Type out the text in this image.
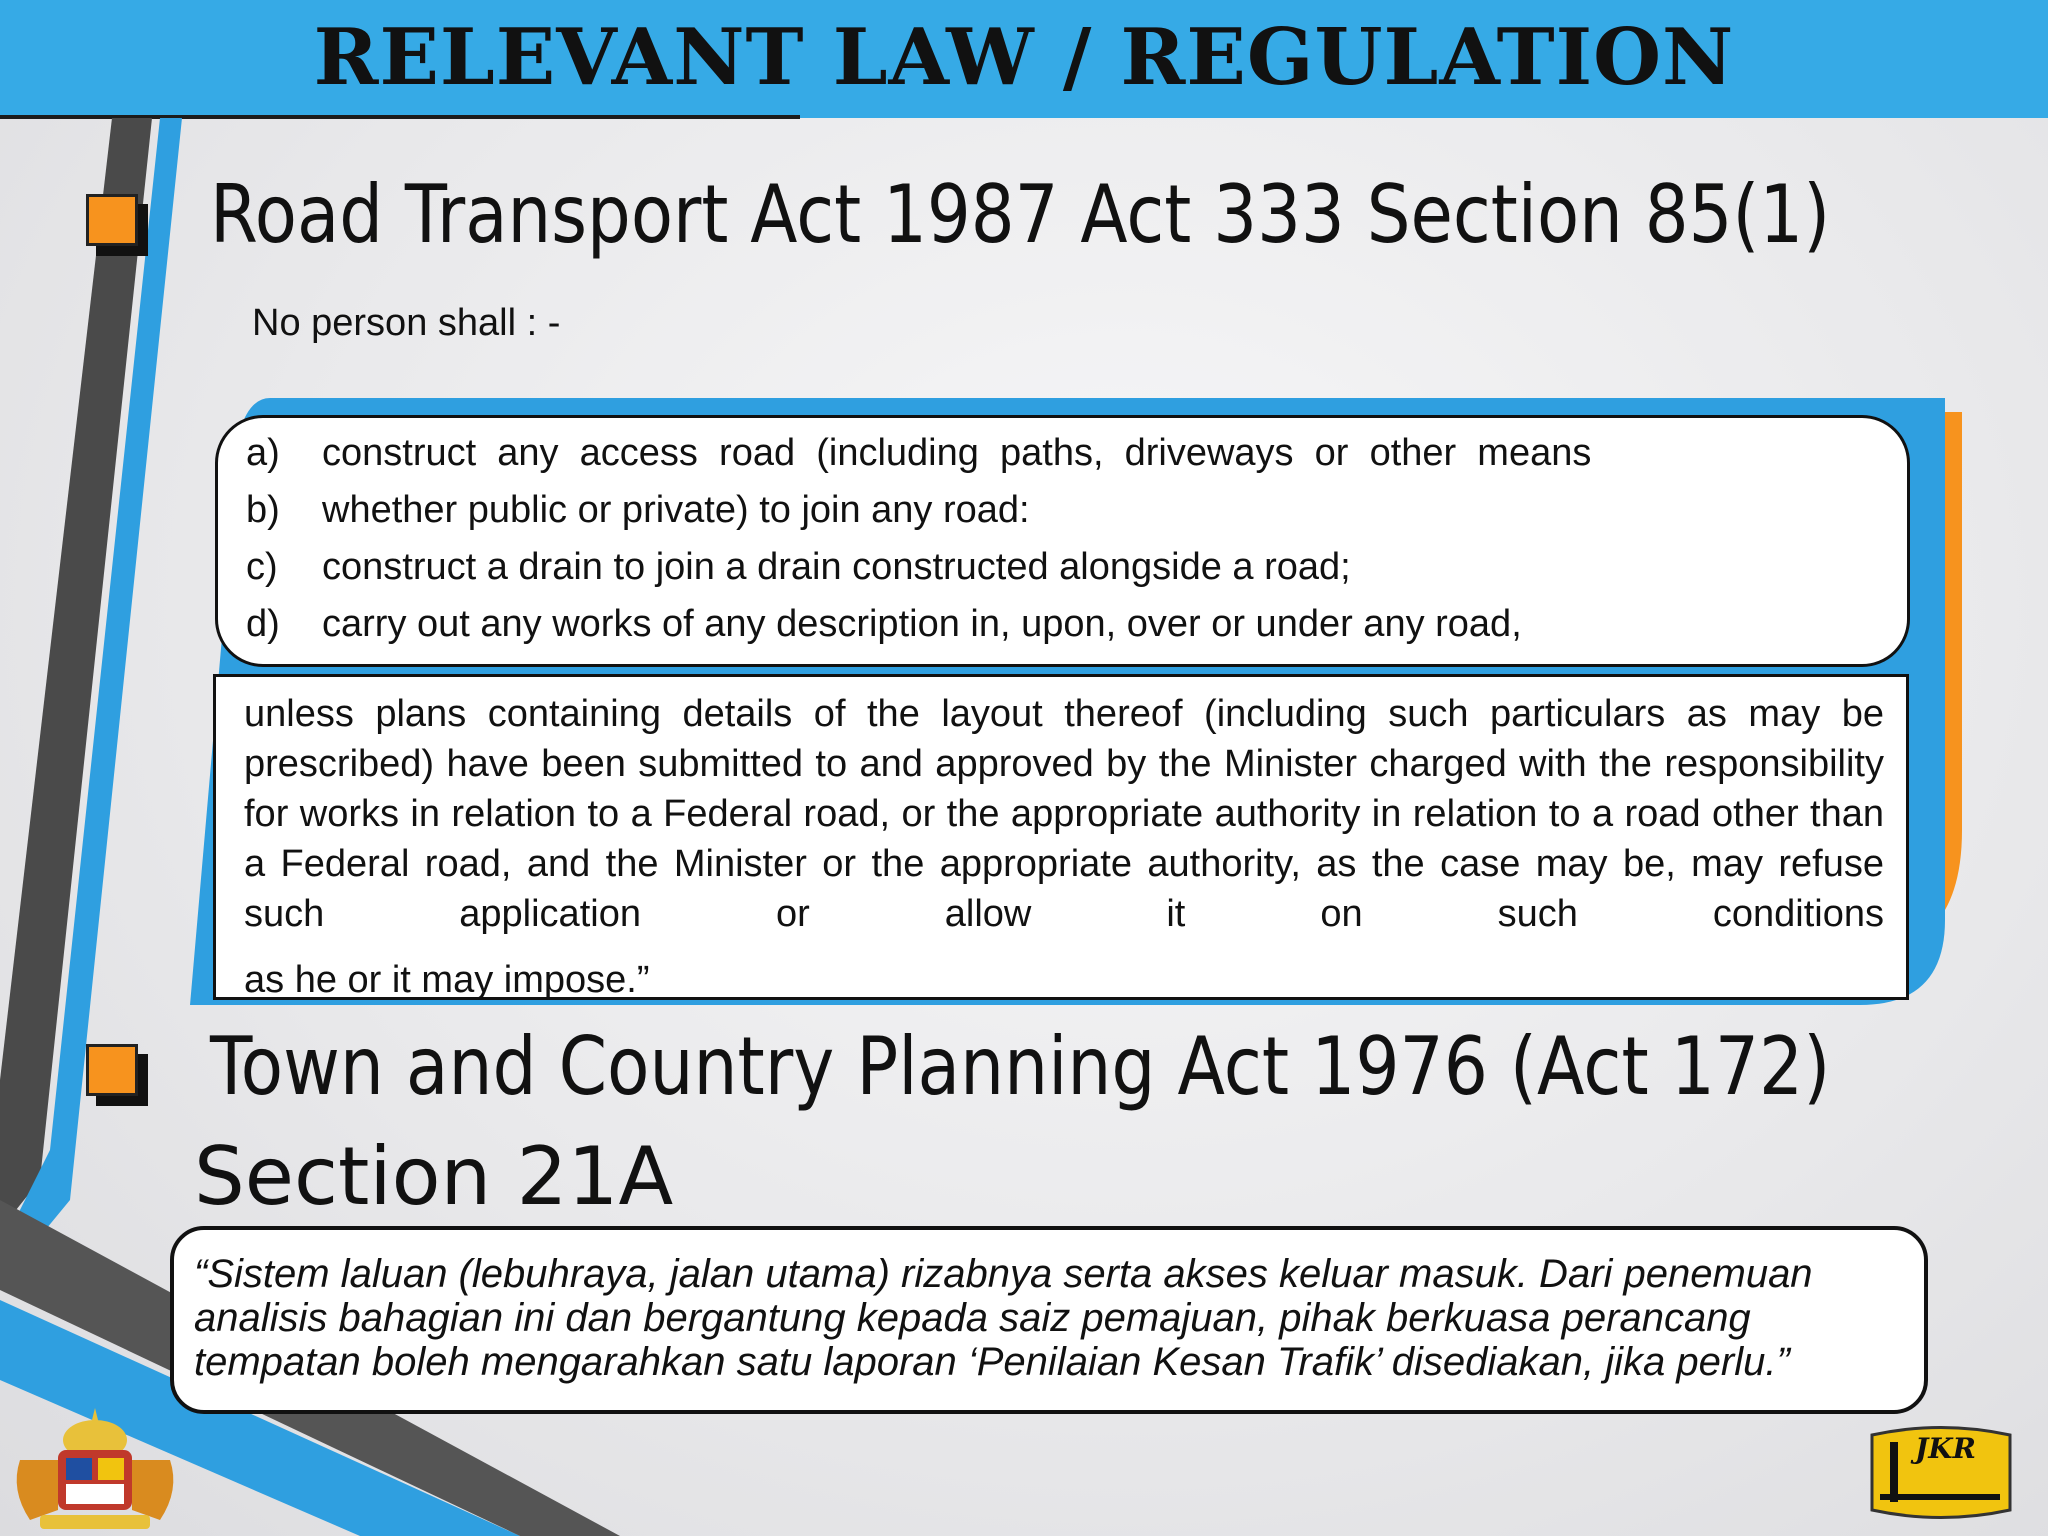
RELEVANT LAW / REGULATION
Road Transport Act 1987 Act 333 Section 85(1)
No person shall : -
a) construct  any  access  road  (including  paths,  driveways  or  other  means
b) whether public or private) to join any road:
c) construct a drain to join a drain constructed alongside a road;
d) carry out any works of any description in, upon, over or under any road,
unless plans containing details of the layout thereof (including such particulars as may be prescribed) have been submitted to and approved by the Minister charged with the responsibility for works in relation to a Federal road, or the appropriate authority in relation to a road other than a Federal road, and the Minister or the appropriate authority, as the case may be, may refuse such application or allow it on such conditions
as he or it may impose.”
Town and Country Planning Act 1976 (Act 172)
Section 21A
“Sistem laluan (lebuhraya, jalan utama) rizabnya serta akses keluar masuk. Dari penemuan analisis bahagian ini dan bergantung kepada saiz pemajuan, pihak berkuasa perancang tempatan boleh mengarahkan satu laporan ‘Penilaian Kesan Trafik’ disediakan, jika perlu.”
JKR
